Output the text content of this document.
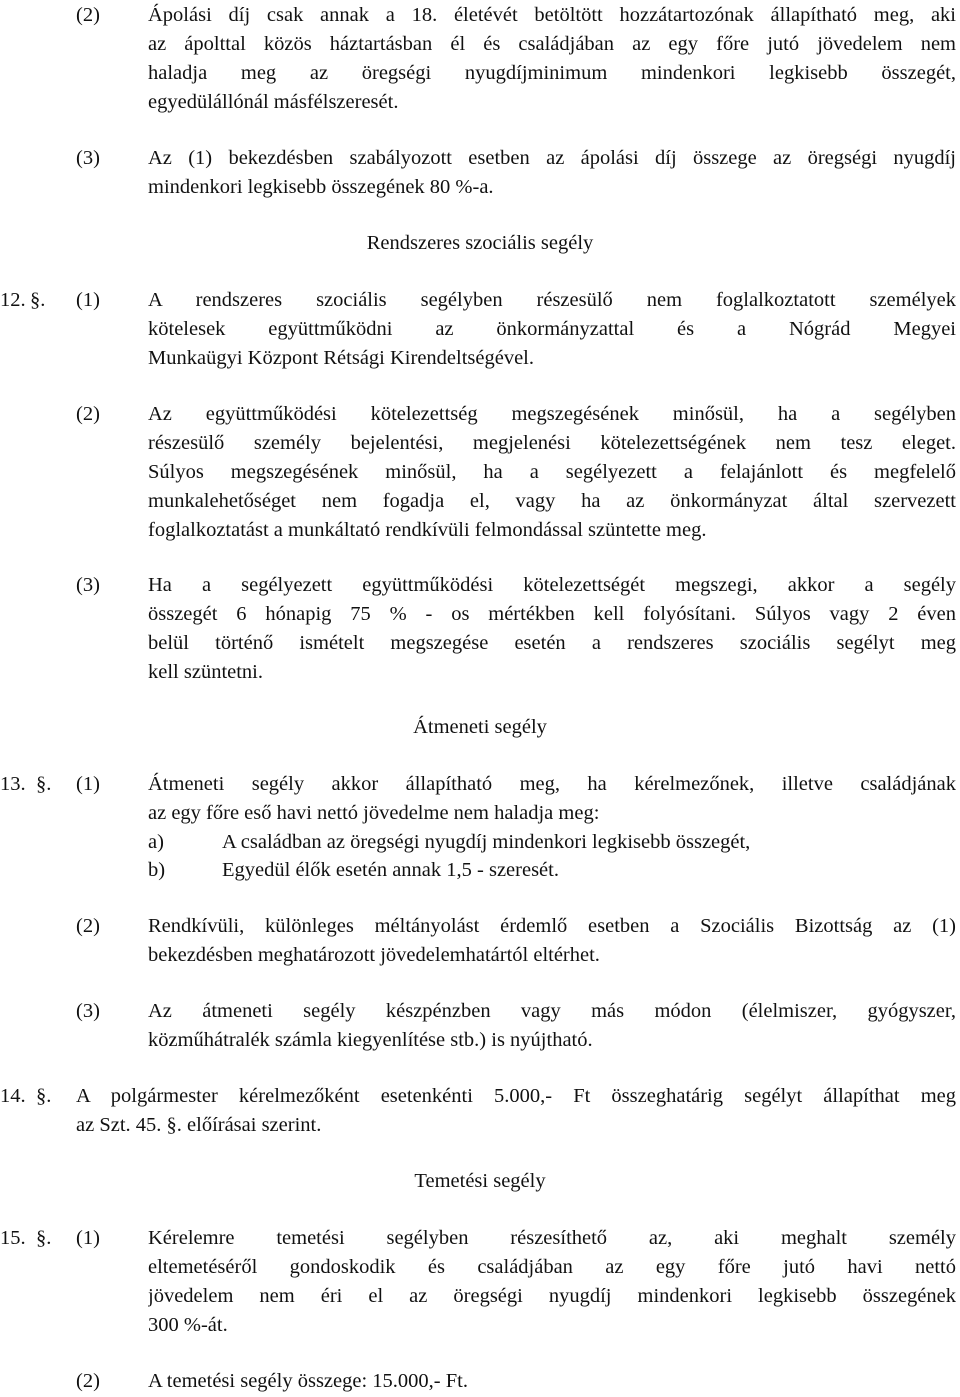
(2) Ápolási díj csak annak a 18. életévét betöltött hozzátartozónak állapítható meg, aki
az ápolttal közös háztartásban él és családjában az egy főre jutó jövedelem nem
haladja meg az öregségi nyugdíjminimum mindenkori legkisebb összegét,
egyedülállónál másfélszeresét.
(3) Az (1) bekezdésben szabályozott esetben az ápolási díj összege az öregségi nyugdíj
mindenkori legkisebb összegének 80 %-a.
Rendszeres szociális segély
12. §. (1) A rendszeres szociális segélyben részesülő nem foglalkoztatott személyek
kötelesek együttműködni az önkormányzattal és a Nógrád Megyei
Munkaügyi Központ Rétsági Kirendeltségével.
(2) Az együttműködési kötelezettség megszegésének minősül, ha a segélyben
részesülő személy bejelentési, megjelenési kötelezettségének nem tesz eleget.
Súlyos megszegésének minősül, ha a segélyezett a felajánlott és megfelelő
munkalehetőséget nem fogadja el, vagy ha az önkormányzat által szervezett
foglalkoztatást a munkáltató rendkívüli felmondással szüntette meg.
(3) Ha a segélyezett együttműködési kötelezettségét megszegi, akkor a segély
összegét 6 hónapig 75 % - os mértékben kell folyósítani. Súlyos vagy 2 éven
belül történő ismételt megszegése esetén a rendszeres szociális segélyt meg
kell szüntetni.
Átmeneti segély
13. §. (1) Átmeneti segély akkor állapítható meg, ha kérelmezőnek, illetve családjának
az egy főre eső havi nettó jövedelme nem haladja meg:
a)	A családban az öregségi nyugdíj mindenkori legkisebb összegét,
b)	Egyedül élők esetén annak 1,5 - szeresét.
(2) Rendkívüli, különleges méltányolást érdemlő esetben a Szociális Bizottság az (1)
bekezdésben meghatározott jövedelemhatártól eltérhet.
(3) Az átmeneti segély készpénzben vagy más módon (élelmiszer, gyógyszer,
közműhátralék számla kiegyenlítése stb.) is nyújtható.
14. §. A polgármester kérelmezőként esetenkénti 5.000,- Ft összeghatárig segélyt állapíthat meg
az Szt. 45. §. előírásai szerint.
Temetési segély
15. §. (1) Kérelemre temetési segélyben részesíthető az, aki meghalt személy
eltemetéséről gondoskodik és családjában az egy főre jutó havi nettó
jövedelem nem éri el az öregségi nyugdíj mindenkori legkisebb összegének
300 %-át.
(2) A temetési segély összege: 15.000,- Ft.
